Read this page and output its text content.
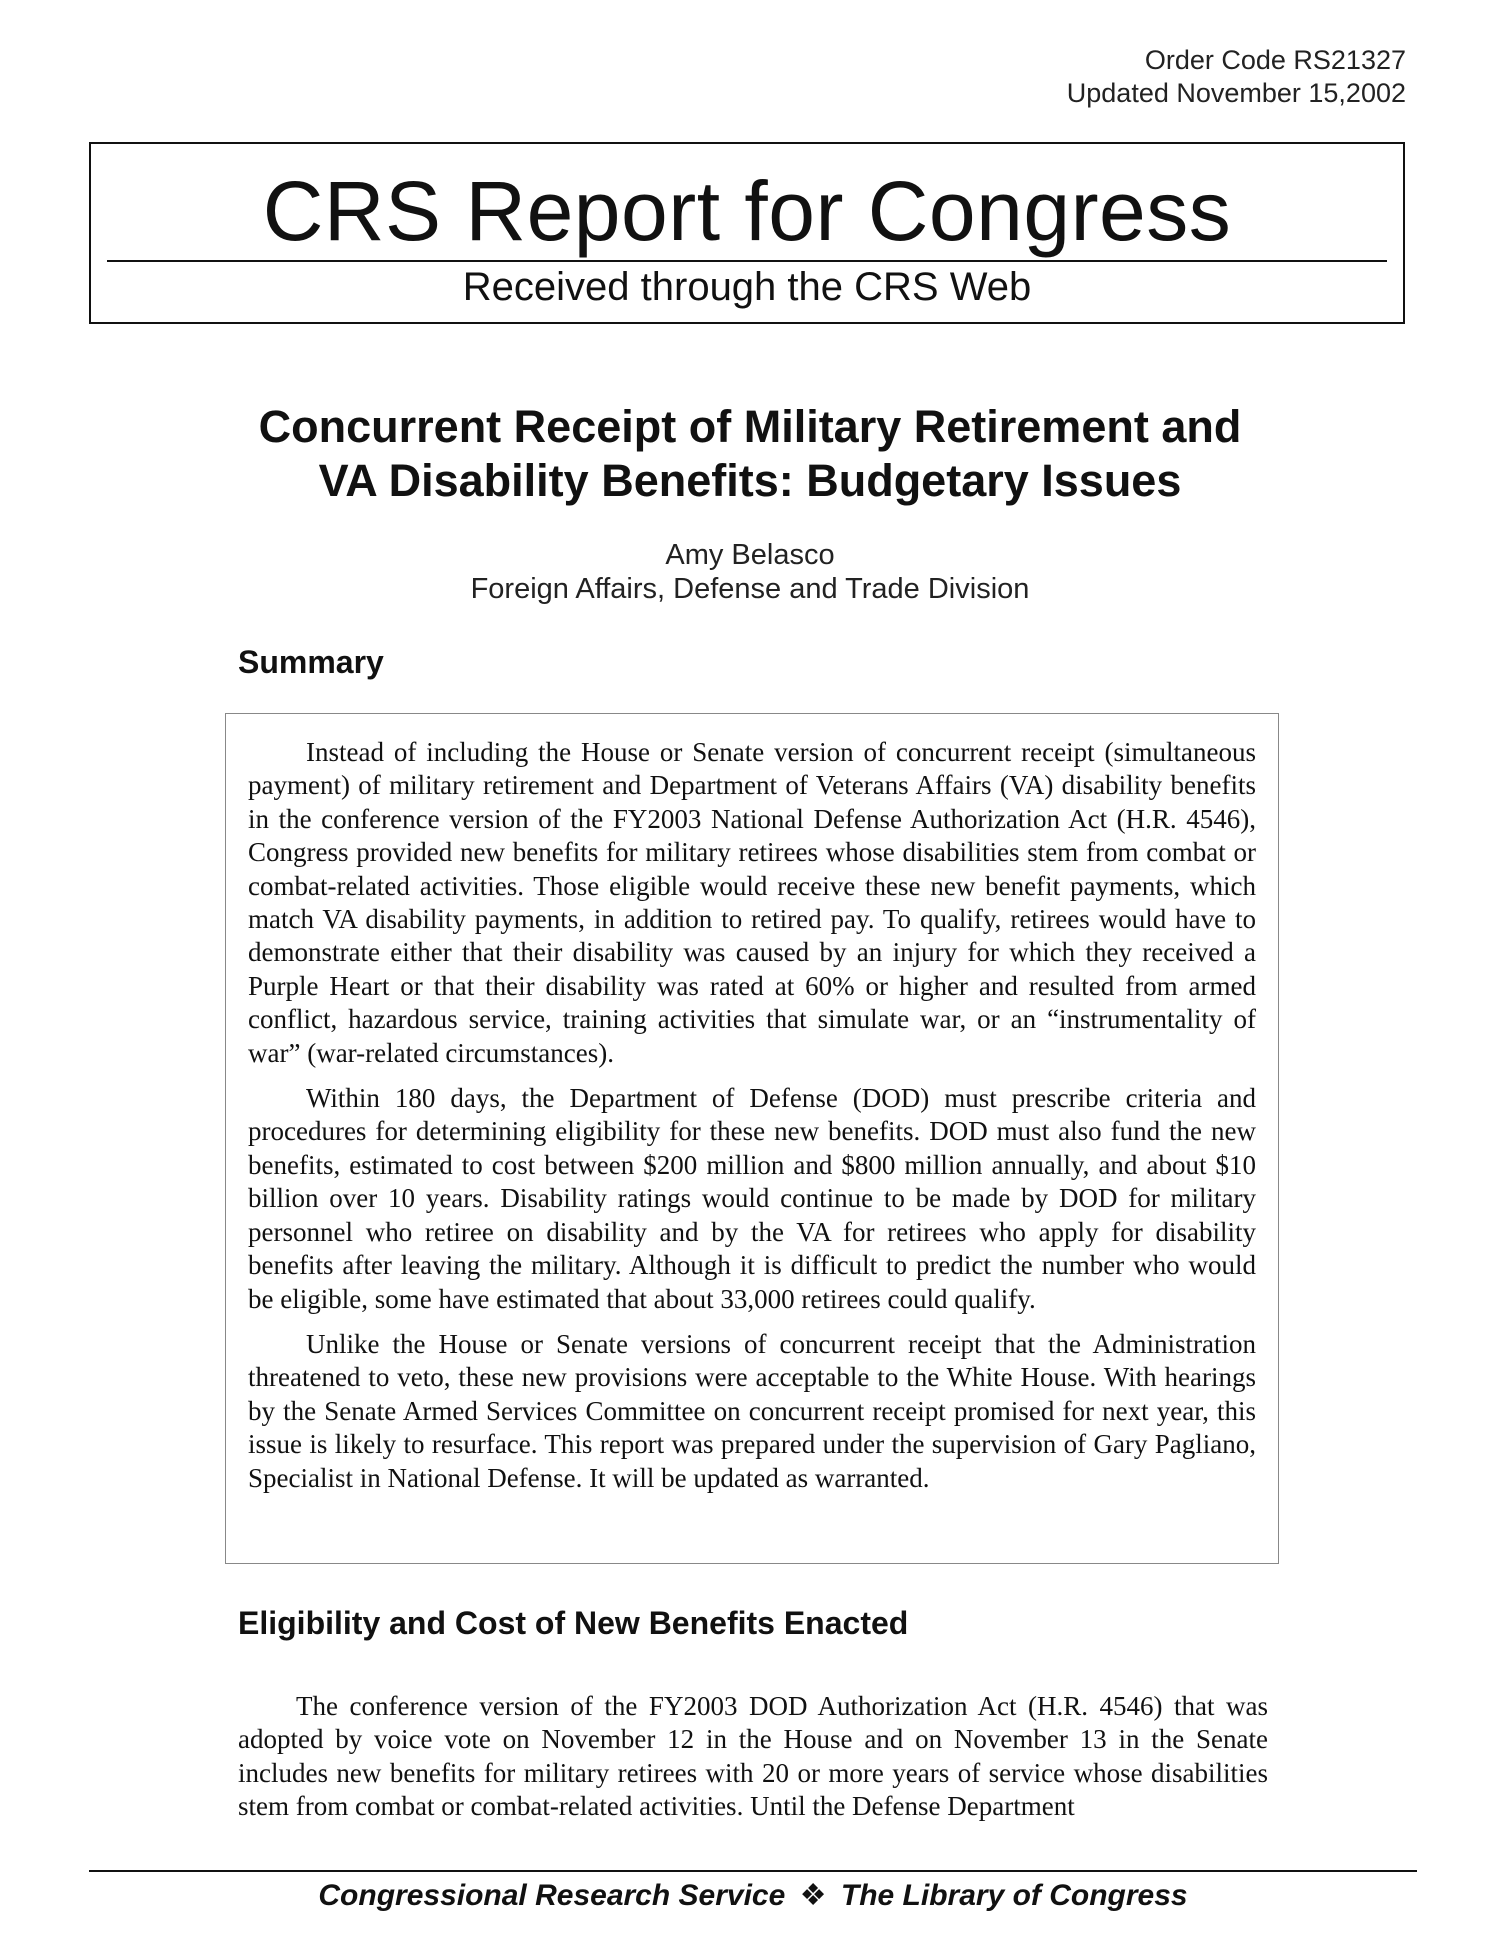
Order Code RS21327
Updated November 15,2002
CRS Report for Congress
Received through the CRS Web
Concurrent Receipt of Military Retirement and
VA Disability Benefits: Budgetary Issues
Amy Belasco
Foreign Affairs, Defense and Trade Division
Summary

Instead of including the House or Senate version of concurrent receipt (simultaneous payment) of military retirement and Department of Veterans Affairs (VA) disability benefits in the conference version of the FY2003 National Defense Authorization Act (H.R. 4546), Congress provided new benefits for military retirees whose disabilities stem from combat or combat-related activities. Those eligible would receive these new benefit payments, which match VA disability payments, in addition to retired pay. To qualify, retirees would have to demonstrate either that their disability was caused by an injury for which they received a Purple Heart or that their disability was rated at 60% or higher and resulted from armed conflict, hazardous service, training activities that simulate war, or an “instrumentality of war” (war-related circumstances).

Within 180 days, the Department of Defense (DOD) must prescribe criteria and procedures for determining eligibility for these new benefits. DOD must also fund the new benefits, estimated to cost between $200 million and $800 million annually, and about $10 billion over 10 years. Disability ratings would continue to be made by DOD for military personnel who retiree on disability and by the VA for retirees who apply for disability benefits after leaving the military. Although it is difficult to predict the number who would be eligible, some have estimated that about 33,000 retirees could qualify.

Unlike the House or Senate versions of concurrent receipt that the Administration threatened to veto, these new provisions were acceptable to the White House. With hearings by the Senate Armed Services Committee on concurrent receipt promised for next year, this issue is likely to resurface. This report was prepared under the supervision of Gary Pagliano, Specialist in National Defense. It will be updated as warranted.

Eligibility and Cost of New Benefits Enacted

The conference version of the FY2003 DOD Authorization Act (H.R. 4546) that was adopted by voice vote on November 12 in the House and on November 13 in the Senate includes new benefits for military retirees with 20 or more years of service whose disabilities stem from combat or combat-related activities. Until the Defense Department

Congressional Research Service ❖ The Library of Congress
